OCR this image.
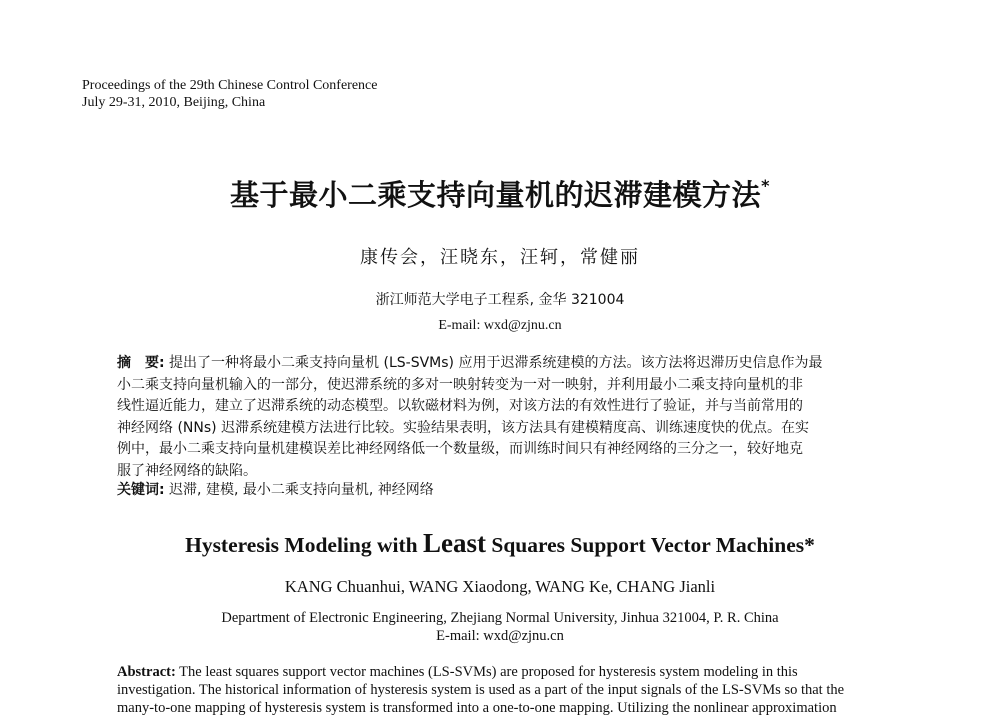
Proceedings of the 29th Chinese Control Conference
July 29-31, 2010, Beijing, China
基于最小二乘支持向量机的迟滞建模方法*
康传会，汪晓东，汪轲，常健丽
浙江师范大学电子工程系, 金华 321004
E-mail: wxd@zjnu.cn
摘　要: 提出了一种将最小二乘支持向量机 (LS-SVMs) 应用于迟滞系统建模的方法。该方法将迟滞历史信息作为最
小二乘支持向量机输入的一部分，使迟滞系统的多对一映射转变为一对一映射，并利用最小二乘支持向量机的非
线性逼近能力，建立了迟滞系统的动态模型。以软磁材料为例，对该方法的有效性进行了验证，并与当前常用的
神经网络 (NNs) 迟滞系统建模方法进行比较。实验结果表明，该方法具有建模精度高、训练速度快的优点。在实
例中，最小二乘支持向量机建模误差比神经网络低一个数量级，而训练时间只有神经网络的三分之一，较好地克
服了神经网络的缺陷。
关键词: 迟滞, 建模, 最小二乘支持向量机, 神经网络
Hysteresis Modeling with Least Squares Support Vector Machines*
KANG Chuanhui, WANG Xiaodong, WANG Ke, CHANG Jianli
Department of Electronic Engineering, Zhejiang Normal University, Jinhua 321004, P. R. China
E-mail: wxd@zjnu.cn
Abstract: The least squares support vector machines (LS-SVMs) are proposed for hysteresis system modeling in this
investigation. The historical information of hysteresis system is used as a part of the input signals of the LS-SVMs so that the
many-to-one mapping of hysteresis system is transformed into a one-to-one mapping. Utilizing the nonlinear approximation
